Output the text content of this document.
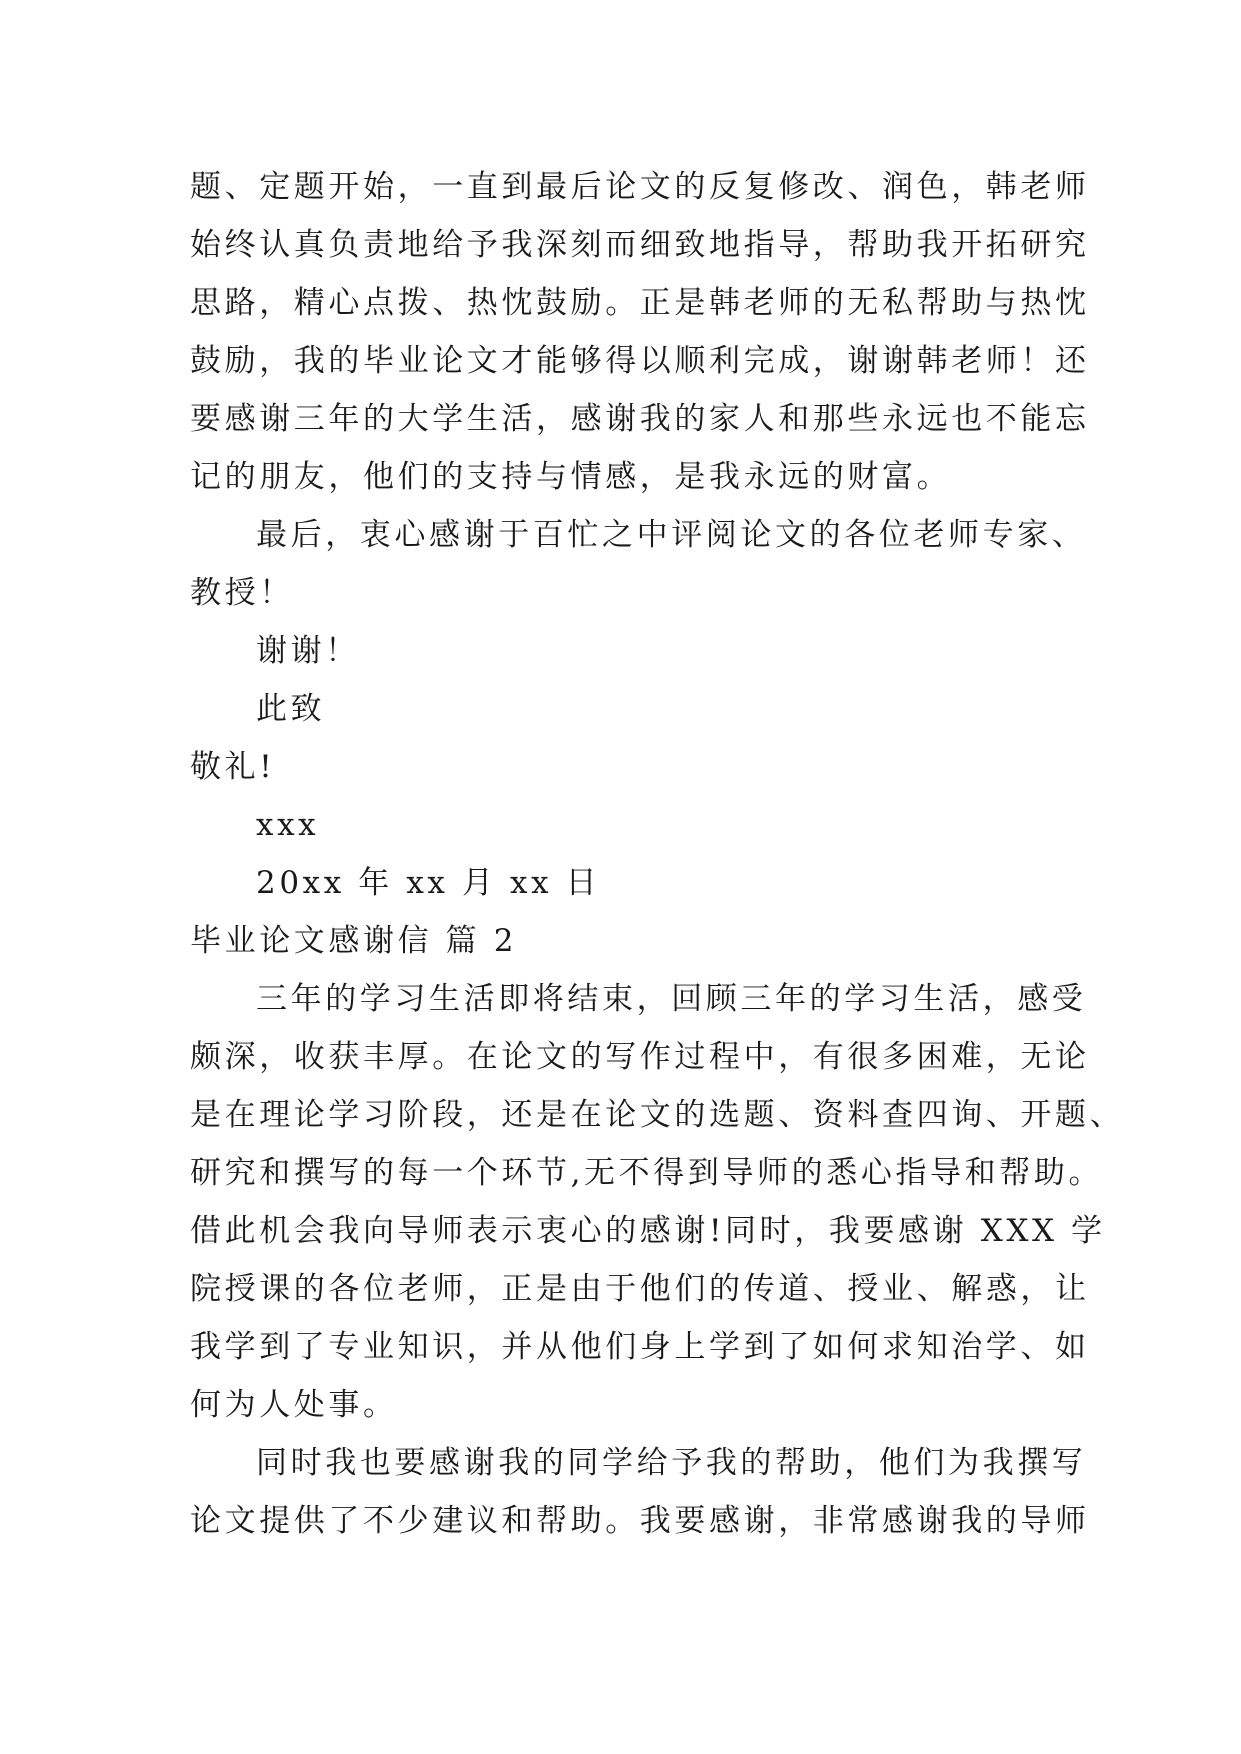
题、定题开始，一直到最后论文的反复修改、润色，韩老师
始终认真负责地给予我深刻而细致地指导，帮助我开拓研究
思路，精心点拨、热忱鼓励。正是韩老师的无私帮助与热忱
鼓励，我的毕业论文才能够得以顺利完成，谢谢韩老师！还
要感谢三年的大学生活，感谢我的家人和那些永远也不能忘
记的朋友，他们的支持与情感，是我永远的财富。
最后，衷心感谢于百忙之中评阅论文的各位老师专家、
教授！
谢谢！
此致
敬礼!
xxx
20xx 年 xx 月 xx 日
毕业论文感谢信 篇 2
三年的学习生活即将结束，回顾三年的学习生活，感受
颇深，收获丰厚。在论文的写作过程中，有很多困难，无论
是在理论学习阶段，还是在论文的选题、资料查四询、开题、
研究和撰写的每一个环节,无不得到导师的悉心指导和帮助。
借此机会我向导师表示衷心的感谢!同时，我要感谢 XXX 学
院授课的各位老师，正是由于他们的传道、授业、解惑，让
我学到了专业知识，并从他们身上学到了如何求知治学、如
何为人处事。
同时我也要感谢我的同学给予我的帮助，他们为我撰写
论文提供了不少建议和帮助。我要感谢，非常感谢我的导师
